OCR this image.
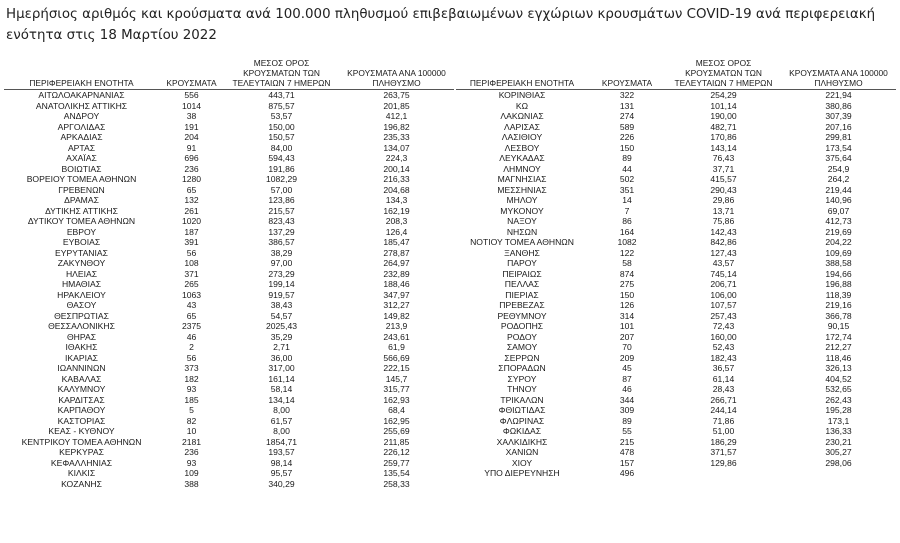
Ημερήσιος αριθμός και κρούσματα ανά 100.000 πληθυσμού επιβεβαιωμένων εγχώριων κρουσμάτων COVID-19 ανά περιφερειακή ενότητα στις 18 Μαρτίου 2022
ΠΕΡΙΦΕΡΕΙΑΚΗ ΕΝΟΤΗΤΑ	ΚΡΟΥΣΜΑΤΑ	ΜΕΣΟΣ ΟΡΟΣ ΚΡΟΥΣΜΑΤΩΝ ΤΩΝ ΤΕΛΕΥΤΑΙΩΝ 7 ΗΜΕΡΩΝ	ΚΡΟΥΣΜΑΤΑ ΑΝΑ 100000 ΠΛΗΘΥΣΜΟ
ΑΙΤΩΛΟΑΚΑΡΝΑΝΙΑΣ	556	443,71	263,75
ΑΝΑΤΟΛΙΚΗΣ ΑΤΤΙΚΗΣ	1014	875,57	201,85
ΑΝΔΡΟΥ	38	53,57	412,1
ΑΡΓΟΛΙΔΑΣ	191	150,00	196,82
ΑΡΚΑΔΙΑΣ	204	150,57	235,33
ΑΡΤΑΣ	91	84,00	134,07
ΑΧΑΪΑΣ	696	594,43	224,3
ΒΟΙΩΤΙΑΣ	236	191,86	200,14
ΒΟΡΕΙΟΥ ΤΟΜΕΑ ΑΘΗΝΩΝ	1280	1082,29	216,33
ΓΡΕΒΕΝΩΝ	65	57,00	204,68
ΔΡΑΜΑΣ	132	123,86	134,3
ΔΥΤΙΚΗΣ ΑΤΤΙΚΗΣ	261	215,57	162,19
ΔΥΤΙΚΟΥ ΤΟΜΕΑ ΑΘΗΝΩΝ	1020	823,43	208,3
ΕΒΡΟΥ	187	137,29	126,4
ΕΥΒΟΙΑΣ	391	386,57	185,47
ΕΥΡΥΤΑΝΙΑΣ	56	38,29	278,87
ΖΑΚΥΝΘΟΥ	108	97,00	264,97
ΗΛΕΙΑΣ	371	273,29	232,89
ΗΜΑΘΙΑΣ	265	199,14	188,46
ΗΡΑΚΛΕΙΟΥ	1063	919,57	347,97
ΘΑΣΟΥ	43	38,43	312,27
ΘΕΣΠΡΩΤΙΑΣ	65	54,57	149,82
ΘΕΣΣΑΛΟΝΙΚΗΣ	2375	2025,43	213,9
ΘΗΡΑΣ	46	35,29	243,61
ΙΘΑΚΗΣ	2	2,71	61,9
ΙΚΑΡΙΑΣ	56	36,00	566,69
ΙΩΑΝΝΙΝΩΝ	373	317,00	222,15
ΚΑΒΑΛΑΣ	182	161,14	145,7
ΚΑΛΥΜΝΟΥ	93	58,14	315,77
ΚΑΡΔΙΤΣΑΣ	185	134,14	162,93
ΚΑΡΠΑΘΟΥ	5	8,00	68,4
ΚΑΣΤΟΡΙΑΣ	82	61,57	162,95
ΚΕΑΣ - ΚΥΘΝΟΥ	10	8,00	255,69
ΚΕΝΤΡΙΚΟΥ ΤΟΜΕΑ ΑΘΗΝΩΝ	2181	1854,71	211,85
ΚΕΡΚΥΡΑΣ	236	193,57	226,12
ΚΕΦΑΛΛΗΝΙΑΣ	93	98,14	259,77
ΚΙΛΚΙΣ	109	95,57	135,54
ΚΟΖΑΝΗΣ	388	340,29	258,33
ΠΕΡΙΦΕΡΕΙΑΚΗ ΕΝΟΤΗΤΑ	ΚΡΟΥΣΜΑΤΑ	ΜΕΣΟΣ ΟΡΟΣ ΚΡΟΥΣΜΑΤΩΝ ΤΩΝ ΤΕΛΕΥΤΑΙΩΝ 7 ΗΜΕΡΩΝ	ΚΡΟΥΣΜΑΤΑ ΑΝΑ 100000 ΠΛΗΘΥΣΜΟ
ΚΟΡΙΝΘΙΑΣ	322	254,29	221,94
ΚΩ	131	101,14	380,86
ΛΑΚΩΝΙΑΣ	274	190,00	307,39
ΛΑΡΙΣΑΣ	589	482,71	207,16
ΛΑΣΙΘΙΟΥ	226	170,86	299,81
ΛΕΣΒΟΥ	150	143,14	173,54
ΛΕΥΚΑΔΑΣ	89	76,43	375,64
ΛΗΜΝΟΥ	44	37,71	254,9
ΜΑΓΝΗΣΙΑΣ	502	415,57	264,2
ΜΕΣΣΗΝΙΑΣ	351	290,43	219,44
ΜΗΛΟΥ	14	29,86	140,96
ΜΥΚΟΝΟΥ	7	13,71	69,07
ΝΑΞΟΥ	86	75,86	412,73
ΝΗΣΩΝ	164	142,43	219,69
ΝΟΤΙΟΥ ΤΟΜΕΑ ΑΘΗΝΩΝ	1082	842,86	204,22
ΞΑΝΘΗΣ	122	127,43	109,69
ΠΑΡΟΥ	58	43,57	388,58
ΠΕΙΡΑΙΩΣ	874	745,14	194,66
ΠΕΛΛΑΣ	275	206,71	196,88
ΠΙΕΡΙΑΣ	150	106,00	118,39
ΠΡΕΒΕΖΑΣ	126	107,57	219,16
ΡΕΘΥΜΝΟΥ	314	257,43	366,78
ΡΟΔΟΠΗΣ	101	72,43	90,15
ΡΟΔΟΥ	207	160,00	172,74
ΣΑΜΟΥ	70	52,43	212,27
ΣΕΡΡΩΝ	209	182,43	118,46
ΣΠΟΡΑΔΩΝ	45	36,57	326,13
ΣΥΡΟΥ	87	61,14	404,52
ΤΗΝΟΥ	46	28,43	532,65
ΤΡΙΚΑΛΩΝ	344	266,71	262,43
ΦΘΙΩΤΙΔΑΣ	309	244,14	195,28
ΦΛΩΡΙΝΑΣ	89	71,86	173,1
ΦΩΚΙΔΑΣ	55	51,00	136,33
ΧΑΛΚΙΔΙΚΗΣ	215	186,29	230,21
ΧΑΝΙΩΝ	478	371,57	305,27
ΧΙΟΥ	157	129,86	298,06
ΥΠΟ ΔΙΕΡΕΥΝΗΣΗ	496		
